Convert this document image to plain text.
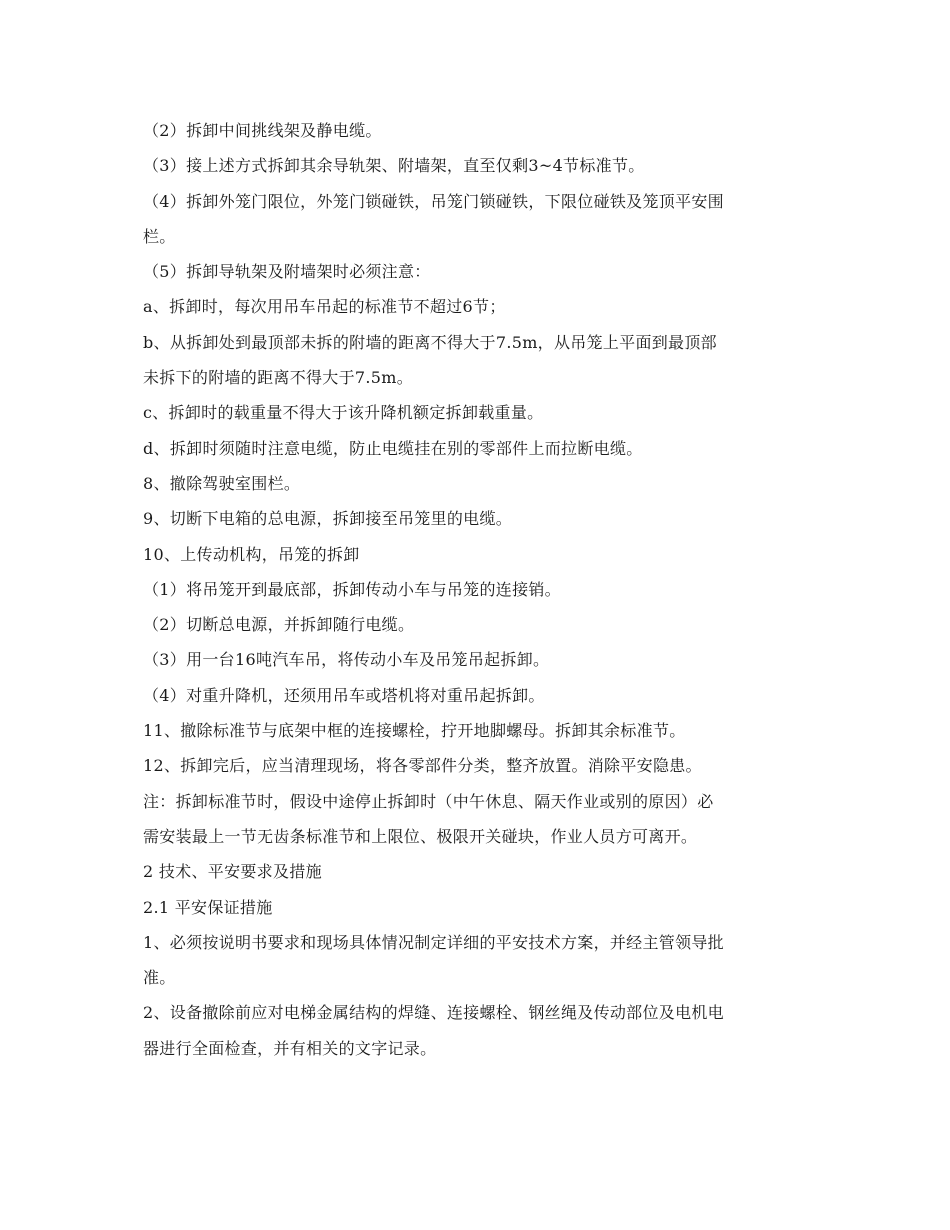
（2）拆卸中间挑线架及静电缆。
（3）接上述方式拆卸其余导轨架、附墙架，直至仅剩3~4节标准节。
（4）拆卸外笼门限位，外笼门锁碰铁，吊笼门锁碰铁，下限位碰铁及笼顶平安围
栏。
（5）拆卸导轨架及附墙架时必须注意：
a、拆卸时，每次用吊车吊起的标准节不超过6节；
b、从拆卸处到最顶部未拆的附墙的距离不得大于7.5m，从吊笼上平面到最顶部
未拆下的附墙的距离不得大于7.5m。
c、拆卸时的载重量不得大于该升降机额定拆卸载重量。
d、拆卸时须随时注意电缆，防止电缆挂在别的零部件上而拉断电缆。
8、撤除驾驶室围栏。
9、切断下电箱的总电源，拆卸接至吊笼里的电缆。
10、上传动机构，吊笼的拆卸
（1）将吊笼开到最底部，拆卸传动小车与吊笼的连接销。
（2）切断总电源，并拆卸随行电缆。
（3）用一台16吨汽车吊，将传动小车及吊笼吊起拆卸。
（4）对重升降机，还须用吊车或塔机将对重吊起拆卸。
11、撤除标准节与底架中框的连接螺栓，拧开地脚螺母。拆卸其余标准节。
12、拆卸完后，应当清理现场，将各零部件分类，整齐放置。消除平安隐患。
注：拆卸标准节时，假设中途停止拆卸时（中午休息、隔天作业或别的原因）必
需安装最上一节无齿条标准节和上限位、极限开关碰块，作业人员方可离开。
2 技术、平安要求及措施
2.1 平安保证措施
1、必须按说明书要求和现场具体情况制定详细的平安技术方案，并经主管领导批
准。
2、设备撤除前应对电梯金属结构的焊缝、连接螺栓、钢丝绳及传动部位及电机电
器进行全面检查，并有相关的文字记录。
